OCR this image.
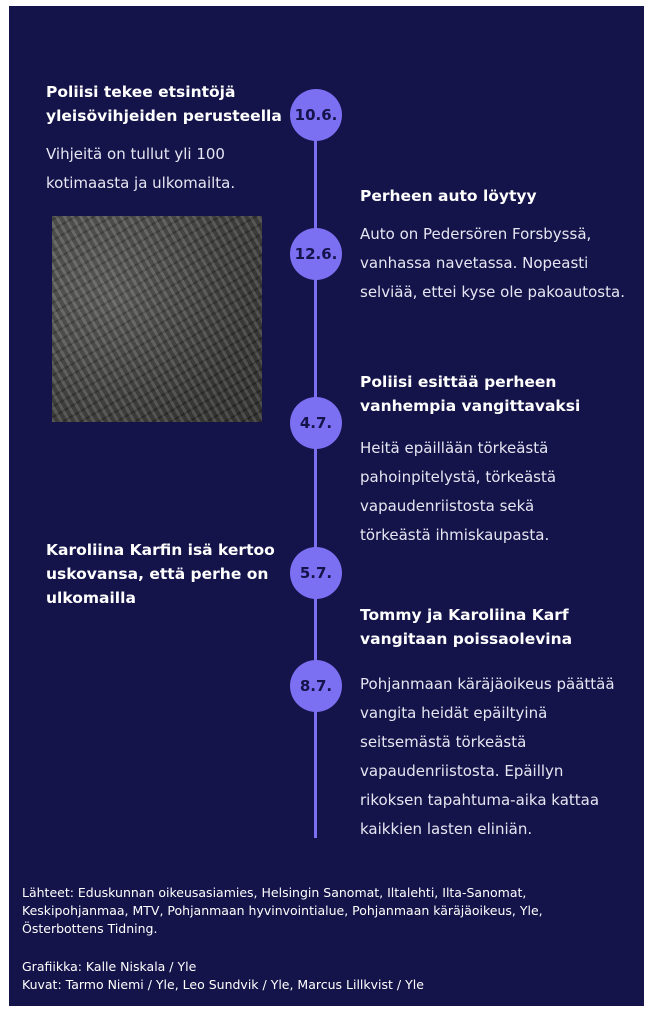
Poliisi tekee etsintöjä yleisövihjeiden perusteella
Vihjeitä on tullut yli 100 kotimaasta ja ulkomailta.
10.6.
Perheen auto löytyy
Auto on Pedersören Forsbyssä, vanhassa navetassa. Nopeasti selviää, ettei kyse ole pakoautosta.
12.6.
Poliisi esittää perheen vanhempia vangittavaksi
Heitä epäillään törkeästä pahoinpitelystä, törkeästä vapaudenriistosta sekä törkeästä ihmiskaupasta.
4.7.
Karoliina Karfin isä kertoo uskovansa, että perhe on ulkomailla
5.7.
Tommy ja Karoliina Karf vangitaan poissaolevina
Pohjanmaan käräjäoikeus päättää vangita heidät epäiltyinä seitsemästä törkeästä vapaudenriistosta. Epäillyn rikoksen tapahtuma-aika kattaa kaikkien lasten eliniän.
8.7.
Lähteet: Eduskunnan oikeusasiamies, Helsingin Sanomat, Iltalehti, Ilta-Sanomat, Keskipohjanmaa, MTV, Pohjanmaan hyvinvointialue, Pohjanmaan käräjäoikeus, Yle, Österbottens Tidning.
Grafiikka: Kalle Niskala / Yle
Kuvat: Tarmo Niemi / Yle, Leo Sundvik / Yle, Marcus Lillkvist / Yle
